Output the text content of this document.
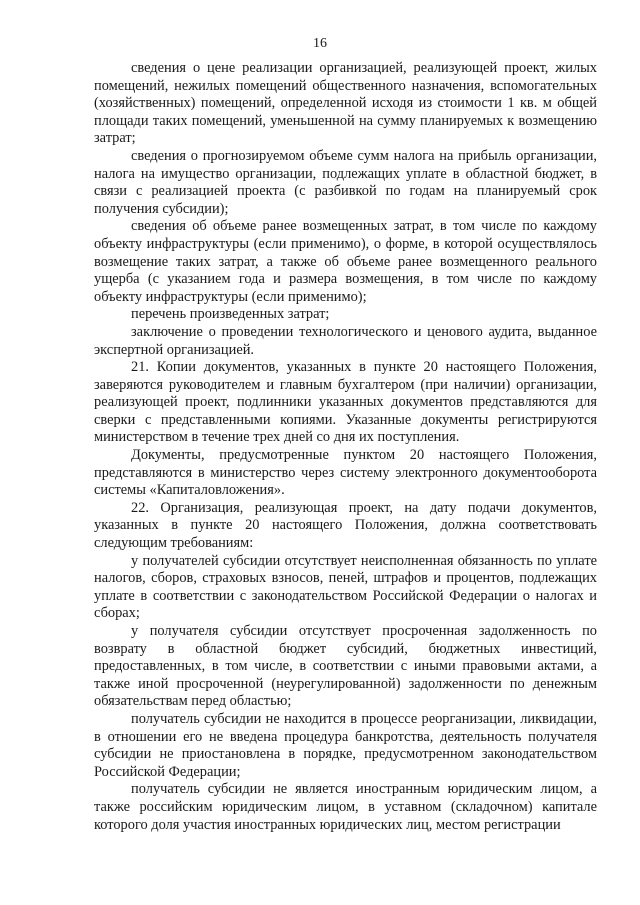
16

сведения о цене реализации организацией, реализующей проект, жилых помещений, нежилых помещений общественного назначения, вспомогательных (хозяйственных) помещений, определенной исходя из стоимости 1 кв. м общей площади таких помещений, уменьшенной на сумму планируемых к возмещению затрат;

сведения о прогнозируемом объеме сумм налога на прибыль организации, налога на имущество организации, подлежащих уплате в областной бюджет, в связи с реализацией проекта (с разбивкой по годам на планируемый срок получения субсидии);

сведения об объеме ранее возмещенных затрат, в том числе по каждому объекту инфраструктуры (если применимо), о форме, в которой осуществлялось возмещение таких затрат, а также об объеме ранее возмещенного реального ущерба (с указанием года и размера возмещения, в том числе по каждому объекту инфраструктуры (если применимо);

перечень произведенных затрат;

заключение о проведении технологического и ценового аудита, выданное экспертной организацией.

21. Копии документов, указанных в пункте 20 настоящего Положения, заверяются руководителем и главным бухгалтером (при наличии) организации, реализующей проект, подлинники указанных документов представляются для сверки с представленными копиями. Указанные документы регистрируются министерством в течение трех дней со дня их поступления.

Документы, предусмотренные пунктом 20 настоящего Положения, представляются в министерство через систему электронного документооборота системы «Капиталовложения».

22. Организация, реализующая проект, на дату подачи документов, указанных в пункте 20 настоящего Положения, должна соответствовать следующим требованиям:

у получателей субсидии отсутствует неисполненная обязанность по уплате налогов, сборов, страховых взносов, пеней, штрафов и процентов, подлежащих уплате в соответствии с законодательством Российской Федерации о налогах и сборах;

у получателя субсидии отсутствует просроченная задолженность по возврату в областной бюджет субсидий, бюджетных инвестиций, предоставленных, в том числе, в соответствии с иными правовыми актами, а также иной просроченной (неурегулированной) задолженности по денежным обязательствам перед областью;

получатель субсидии не находится в процессе реорганизации, ликвидации, в отношении его не введена процедура банкротства, деятельность получателя субсидии не приостановлена в порядке, предусмотренном законодательством Российской Федерации;

получатель субсидии не является иностранным юридическим лицом, а также российским юридическим лицом, в уставном (складочном) капитале которого доля участия иностранных юридических лиц, местом регистрации
